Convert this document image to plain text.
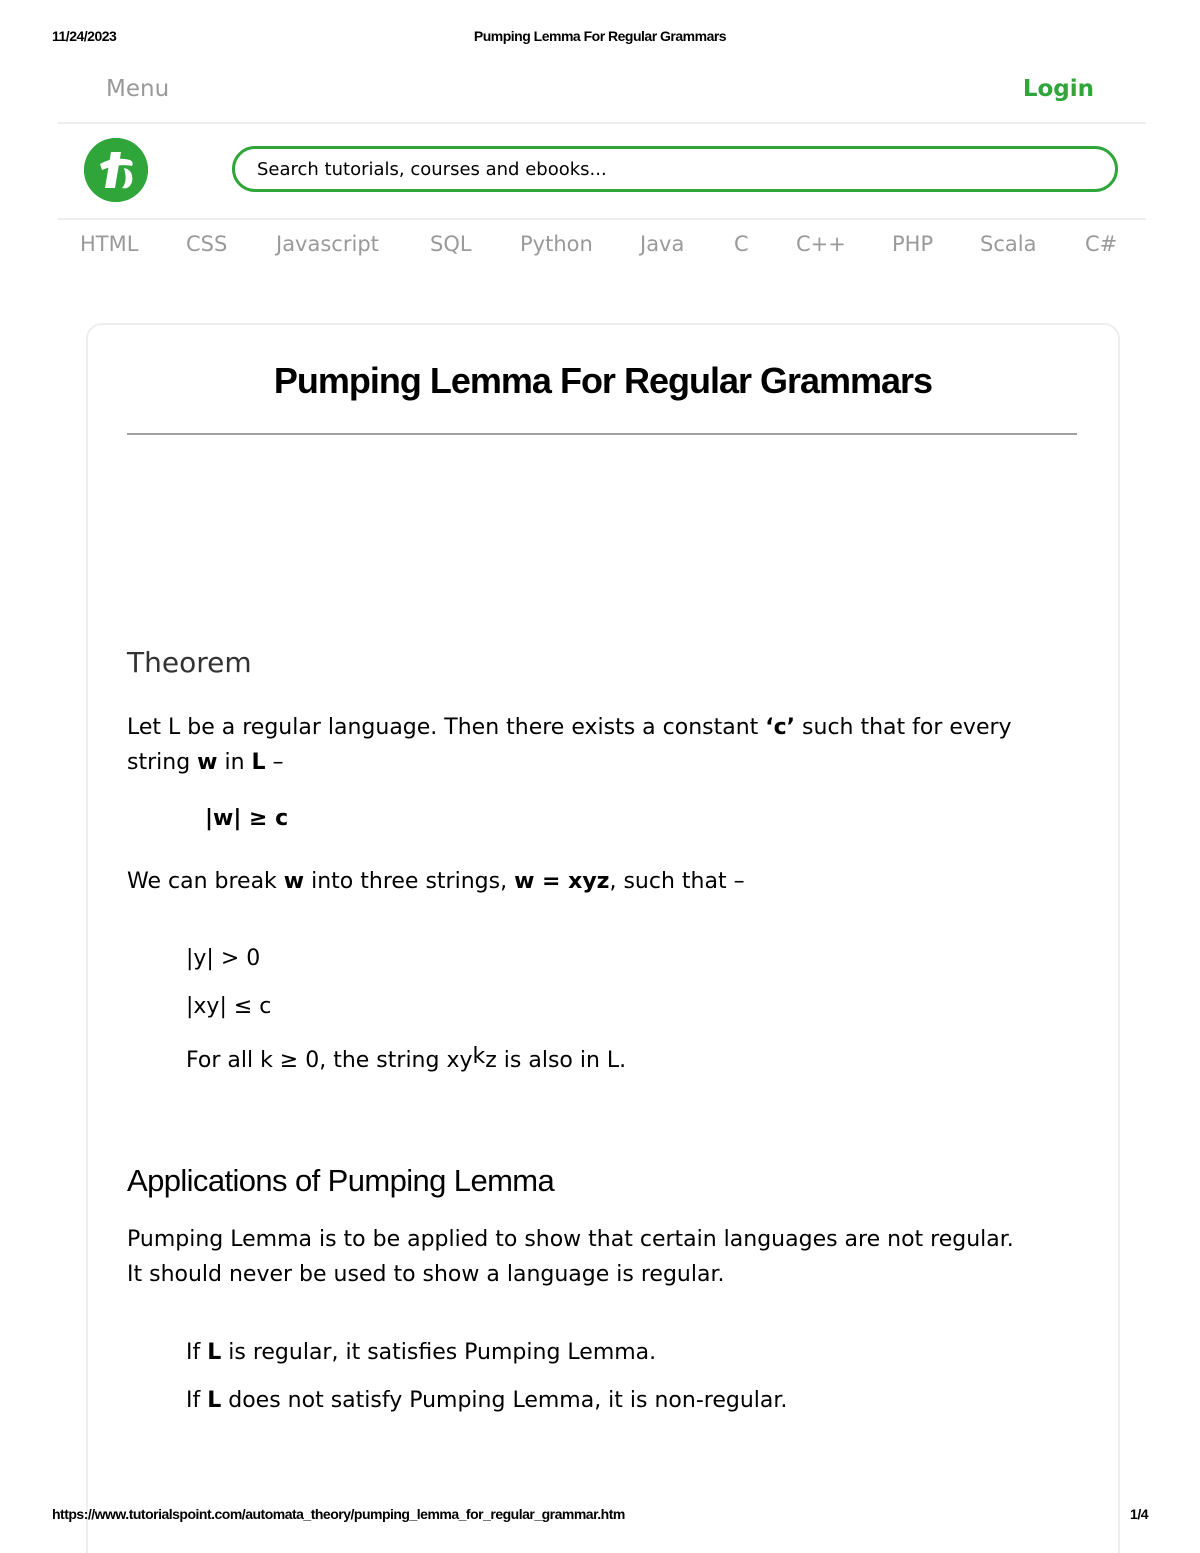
11/24/2023	Pumping Lemma For Regular Grammars
Menu	Login
Search tutorials, courses and ebooks...
HTML CSS Javascript SQL Python Java C C++ PHP Scala C#
Pumping Lemma For Regular Grammars
Theorem

Let L be a regular language. Then there exists a constant ‘c’ such that for every string w in L –

|w| ≥ c

We can break w into three strings, w = xyz, such that –

|y| > 0
|xy| ≤ c
For all k ≥ 0, the string $xy^kz$ is also in L.
Applications of Pumping Lemma

Pumping Lemma is to be applied to show that certain languages are not regular. It should never be used to show a language is regular.

If L is regular, it satisfies Pumping Lemma.
If L does not satisfy Pumping Lemma, it is non-regular.
https://www.tutorialspoint.com/automata_theory/pumping_lemma_for_regular_grammar.htm	1/4
